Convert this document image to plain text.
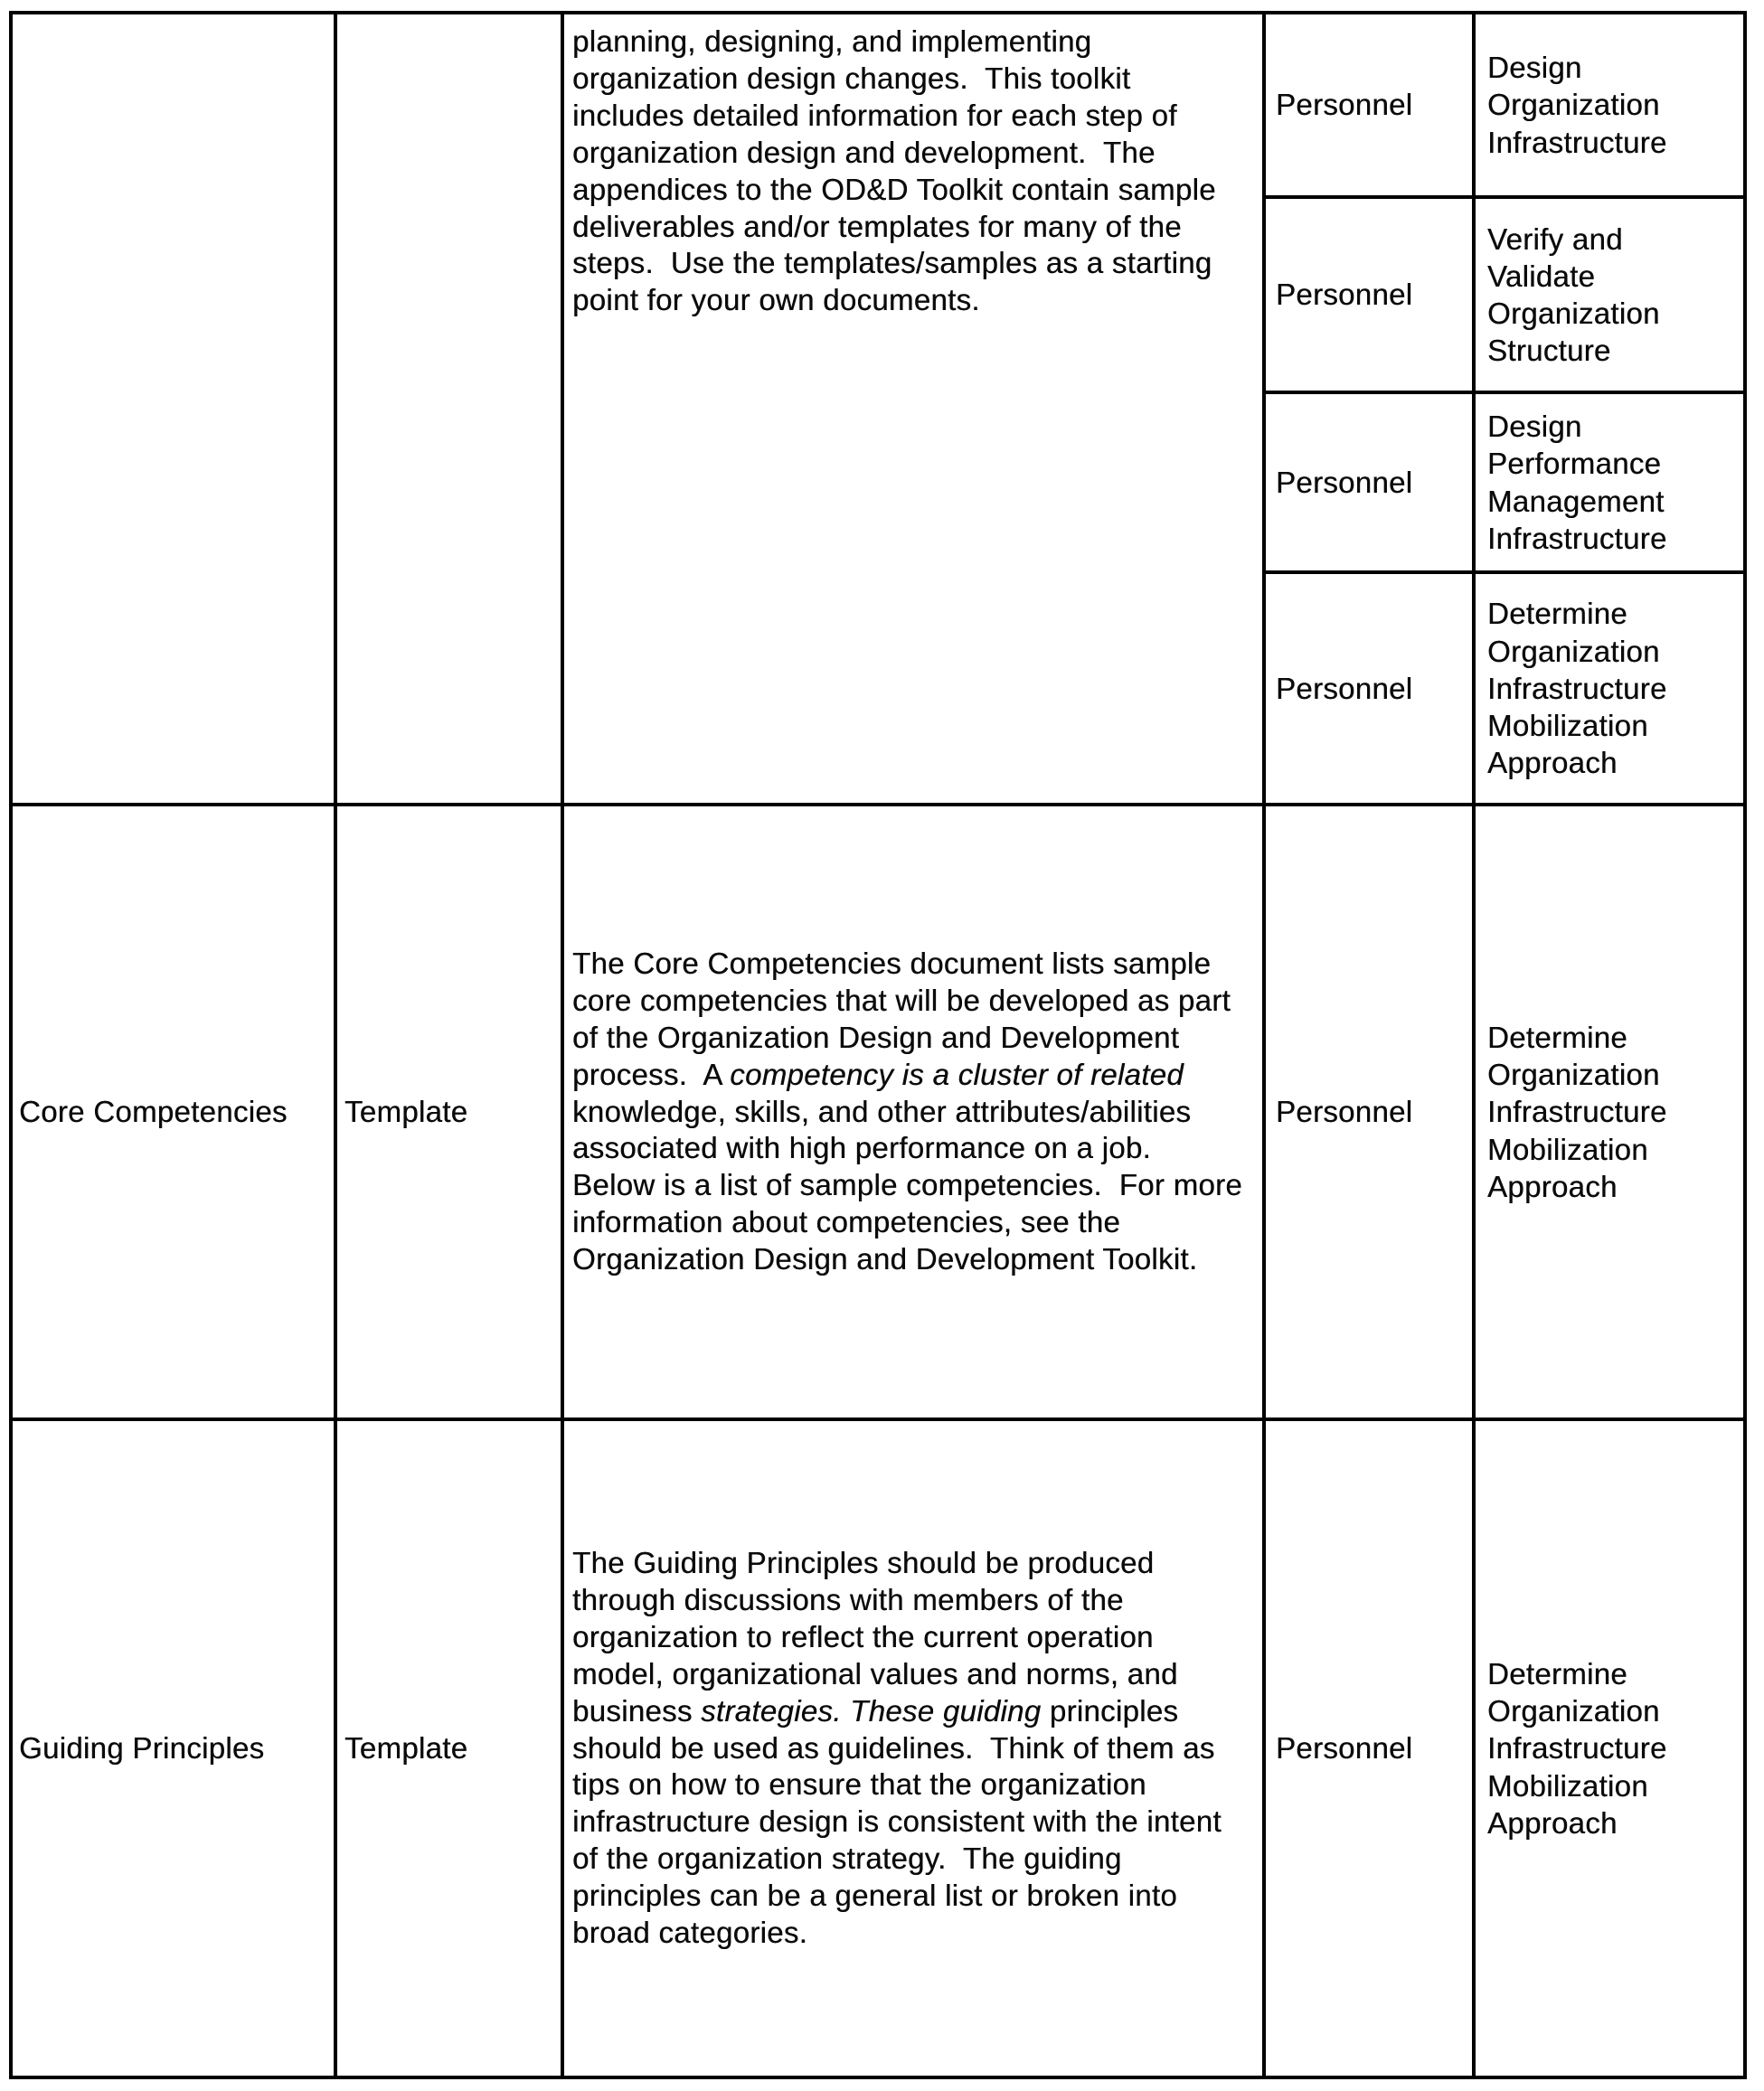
planning, designing, and implementing organization design changes.  This toolkit includes detailed information for each step of organization design and development.  The appendices to the OD&D Toolkit contain sample deliverables and/or templates for many of the steps.  Use the templates/samples as a starting point for your own documents.
Personnel
Design Organization Infrastructure
Personnel
Verify and Validate Organization Structure
Personnel
Design Performance Management Infrastructure
Personnel
Determine Organization Infrastructure Mobilization Approach
Core Competencies	Template
The Core Competencies document lists sample core competencies that will be developed as part of the Organization Design and Development process.  A competency is a cluster of related knowledge, skills, and other attributes/abilities associated with high performance on a job.  Below is a list of sample competencies.  For more information about competencies, see the Organization Design and Development Toolkit.
Personnel
Determine Organization Infrastructure Mobilization Approach
Guiding Principles	Template
The Guiding Principles should be produced through discussions with members of the organization to reflect the current operation model, organizational values and norms, and business strategies. These guiding principles should be used as guidelines.  Think of them as tips on how to ensure that the organization infrastructure design is consistent with the intent of the organization strategy.  The guiding principles can be a general list or broken into broad categories.
Personnel
Determine Organization Infrastructure Mobilization Approach
